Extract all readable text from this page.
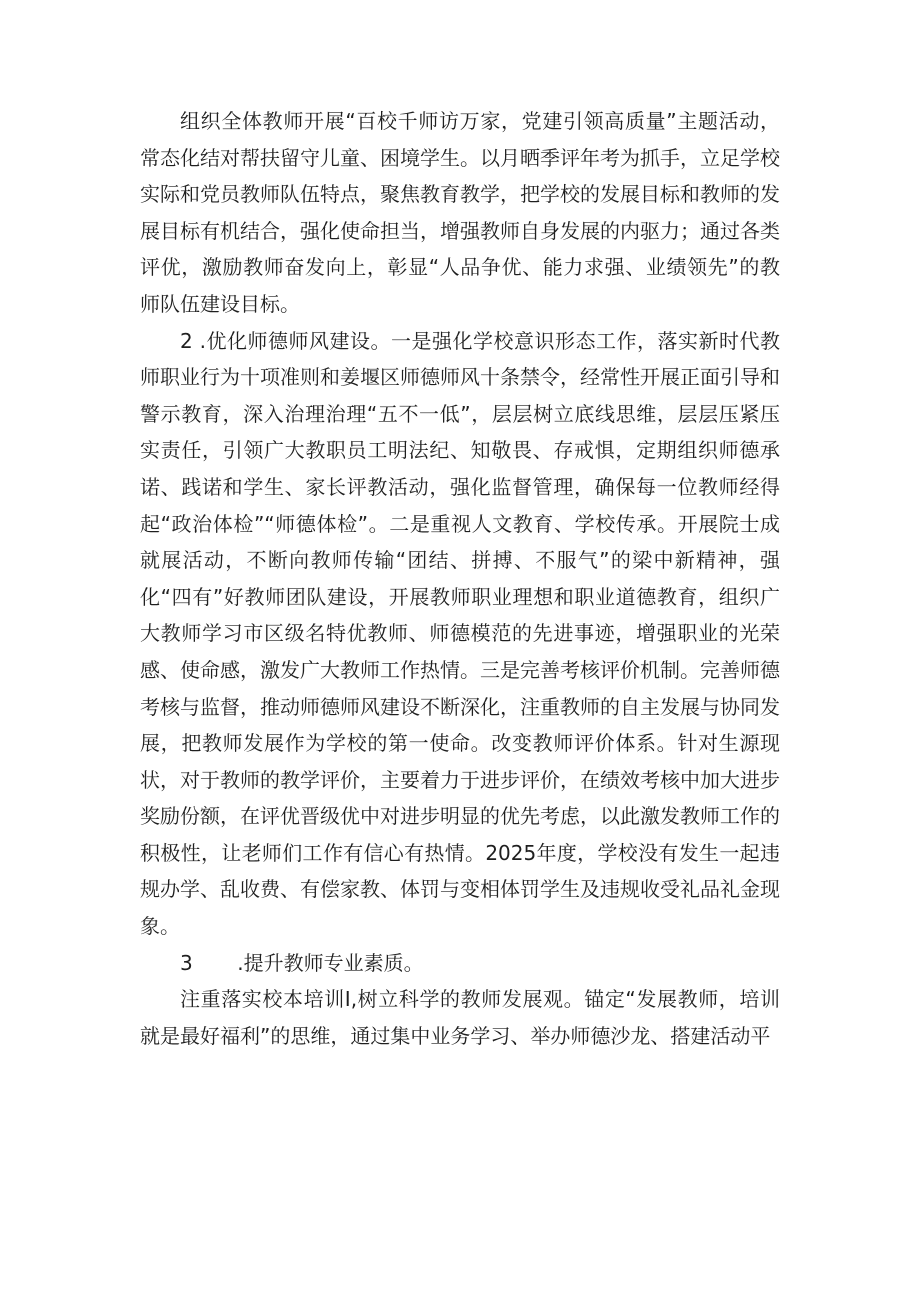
组织全体教师开展“百校千师访万家，党建引领高质量”主题活动，常态化结对帮扶留守儿童、困境学生。以月晒季评年考为抓手，立足学校实际和党员教师队伍特点，聚焦教育教学，把学校的发展目标和教师的发展目标有机结合，强化使命担当，增强教师自身发展的内驱力；通过各类评优，激励教师奋发向上，彰显“人品争优、能力求强、业绩领先”的教师队伍建设目标。

2 .优化师德师风建设。一是强化学校意识形态工作，落实新时代教师职业行为十项准则和姜堰区师德师风十条禁令，经常性开展正面引导和警示教育，深入治理治理“五不一低”，层层树立底线思维，层层压紧压实责任，引领广大教职员工明法纪、知敬畏、存戒惧，定期组织师德承诺、践诺和学生、家长评教活动，强化监督管理，确保每一位教师经得起“政治体检”“师德体检”。二是重视人文教育、学校传承。开展院士成就展活动，不断向教师传输“团结、拼搏、不服气”的梁中新精神，强化“四有”好教师团队建设，开展教师职业理想和职业道德教育，组织广大教师学习市区级名特优教师、师德模范的先进事迹，增强职业的光荣感、使命感，激发广大教师工作热情。三是完善考核评价机制。完善师德考核与监督，推动师德师风建设不断深化，注重教师的自主发展与协同发展，把教师发展作为学校的第一使命。改变教师评价体系。针对生源现状，对于教师的教学评价，主要着力于进步评价，在绩效考核中加大进步奖励份额，在评优晋级优中对进步明显的优先考虑，以此激发教师工作的积极性，让老师们工作有信心有热情。2025年度，学校没有发生一起违规办学、乱收费、有偿家教、体罚与变相体罚学生及违规收受礼品礼金现象。

3       .提升教师专业素质。

注重落实校本培训I,树立科学的教师发展观。锚定“发展教师，培训就是最好福利”的思维，通过集中业务学习、举办师德沙龙、搭建活动平
